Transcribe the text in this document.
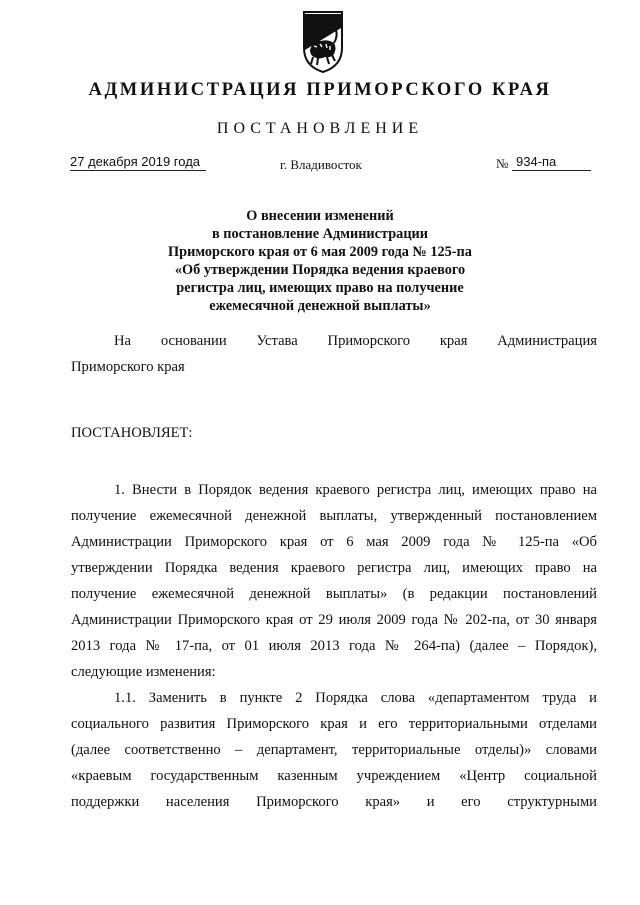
АДМИНИСТРАЦИЯ ПРИМОРСКОГО КРАЯ
ПОСТАНОВЛЕНИЕ
27 декабря 2019 года	г. Владивосток	№ 934-па
О внесении изменений
в постановление Администрации
Приморского края от 6 мая 2009 года № 125-па
«Об утверждении Порядка ведения краевого
регистра лиц, имеющих право на получение
ежемесячной денежной выплаты»
На основании Устава Приморского края Администрация
Приморского края
ПОСТАНОВЛЯЕТ:
1. Внести в Порядок ведения краевого регистра лиц, имеющих право на
получение ежемесячной денежной выплаты, утвержденный постановлением
Администрации Приморского края от 6 мая 2009 года № 125-па «Об
утверждении Порядка ведения краевого регистра лиц, имеющих право на
получение ежемесячной денежной выплаты» (в редакции постановлений
Администрации Приморского края от 29 июля 2009 года № 202-па, от 30 января
2013 года № 17-па, от 01 июля 2013 года № 264-па) (далее – Порядок),
следующие изменения:
1.1. Заменить в пункте 2 Порядка слова «департаментом труда и
социального развития Приморского края и его территориальными отделами
(далее соответственно – департамент, территориальные отделы)» словами
«краевым государственным казенным учреждением «Центр социальной
поддержки населения Приморского края» и его структурными
